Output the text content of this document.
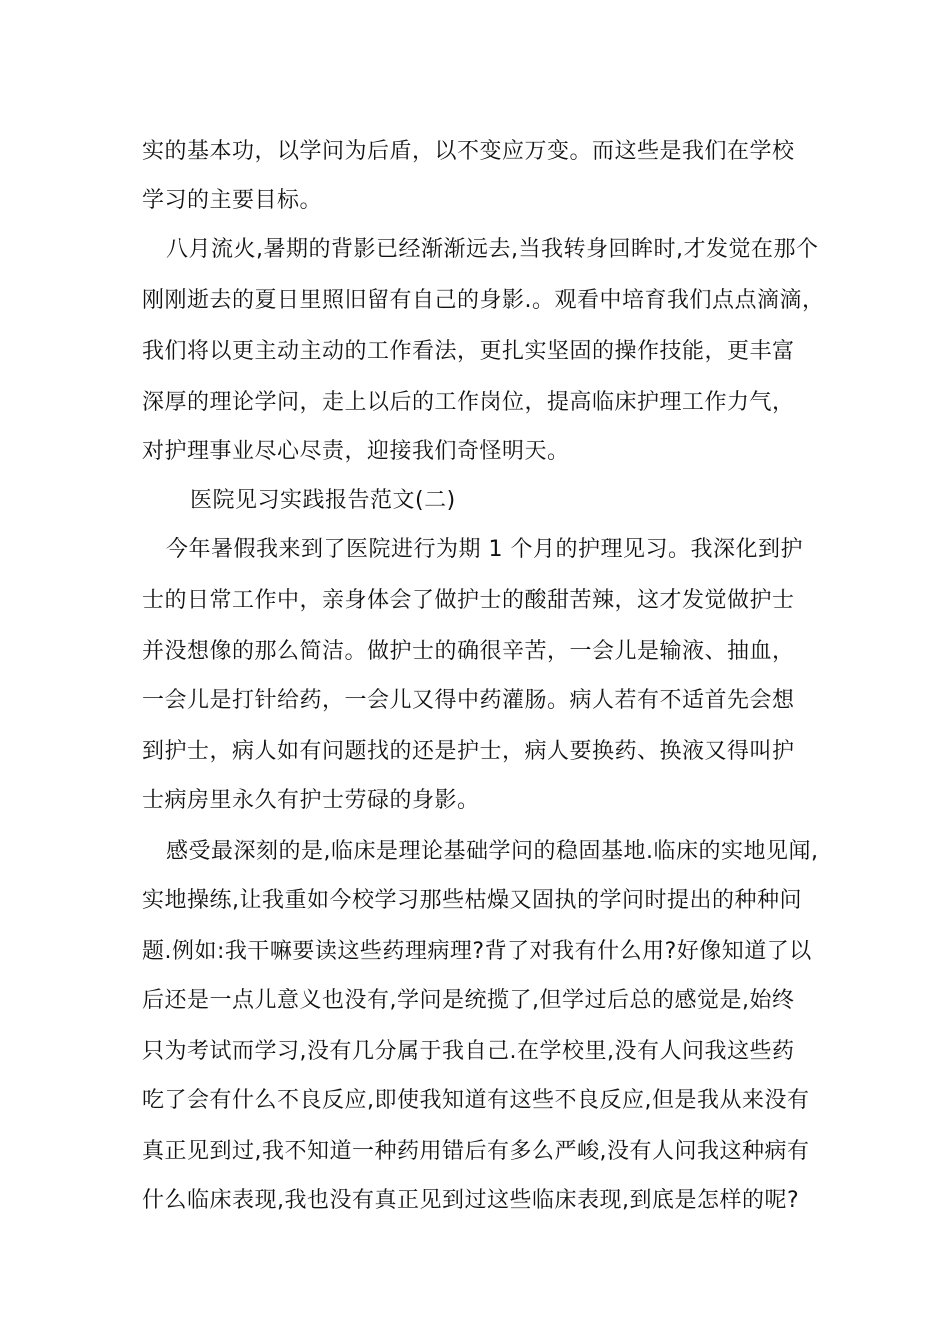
实的基本功，以学问为后盾，以不变应万变。而这些是我们在学校
学习的主要目标。
八月流火,暑期的背影已经渐渐远去,当我转身回眸时,才发觉在那个
刚刚逝去的夏日里照旧留有自己的身影.。观看中培育我们点点滴滴，
我们将以更主动主动的工作看法，更扎实坚固的操作技能，更丰富
深厚的理论学问，走上以后的工作岗位，提高临床护理工作力气，
对护理事业尽心尽责，迎接我们奇怪明天。
医院见习实践报告范文(二)
今年暑假我来到了医院进行为期 1 个月的护理见习。我深化到护
士的日常工作中，亲身体会了做护士的酸甜苦辣，这才发觉做护士
并没想像的那么简洁。做护士的确很辛苦，一会儿是输液、抽血，
一会儿是打针给药，一会儿又得中药灌肠。病人若有不适首先会想
到护士，病人如有问题找的还是护士，病人要换药、换液又得叫护
士病房里永久有护士劳碌的身影。
感受最深刻的是,临床是理论基础学问的稳固基地.临床的实地见闻,
实地操练,让我重如今校学习那些枯燥又固执的学问时提出的种种问
题.例如:我干嘛要读这些药理病理?背了对我有什么用?好像知道了以
后还是一点儿意义也没有,学问是统揽了,但学过后总的感觉是,始终
只为考试而学习,没有几分属于我自己.在学校里,没有人问我这些药
吃了会有什么不良反应,即使我知道有这些不良反应,但是我从来没有
真正见到过,我不知道一种药用错后有多么严峻,没有人问我这种病有
什么临床表现,我也没有真正见到过这些临床表现,到底是怎样的呢?
